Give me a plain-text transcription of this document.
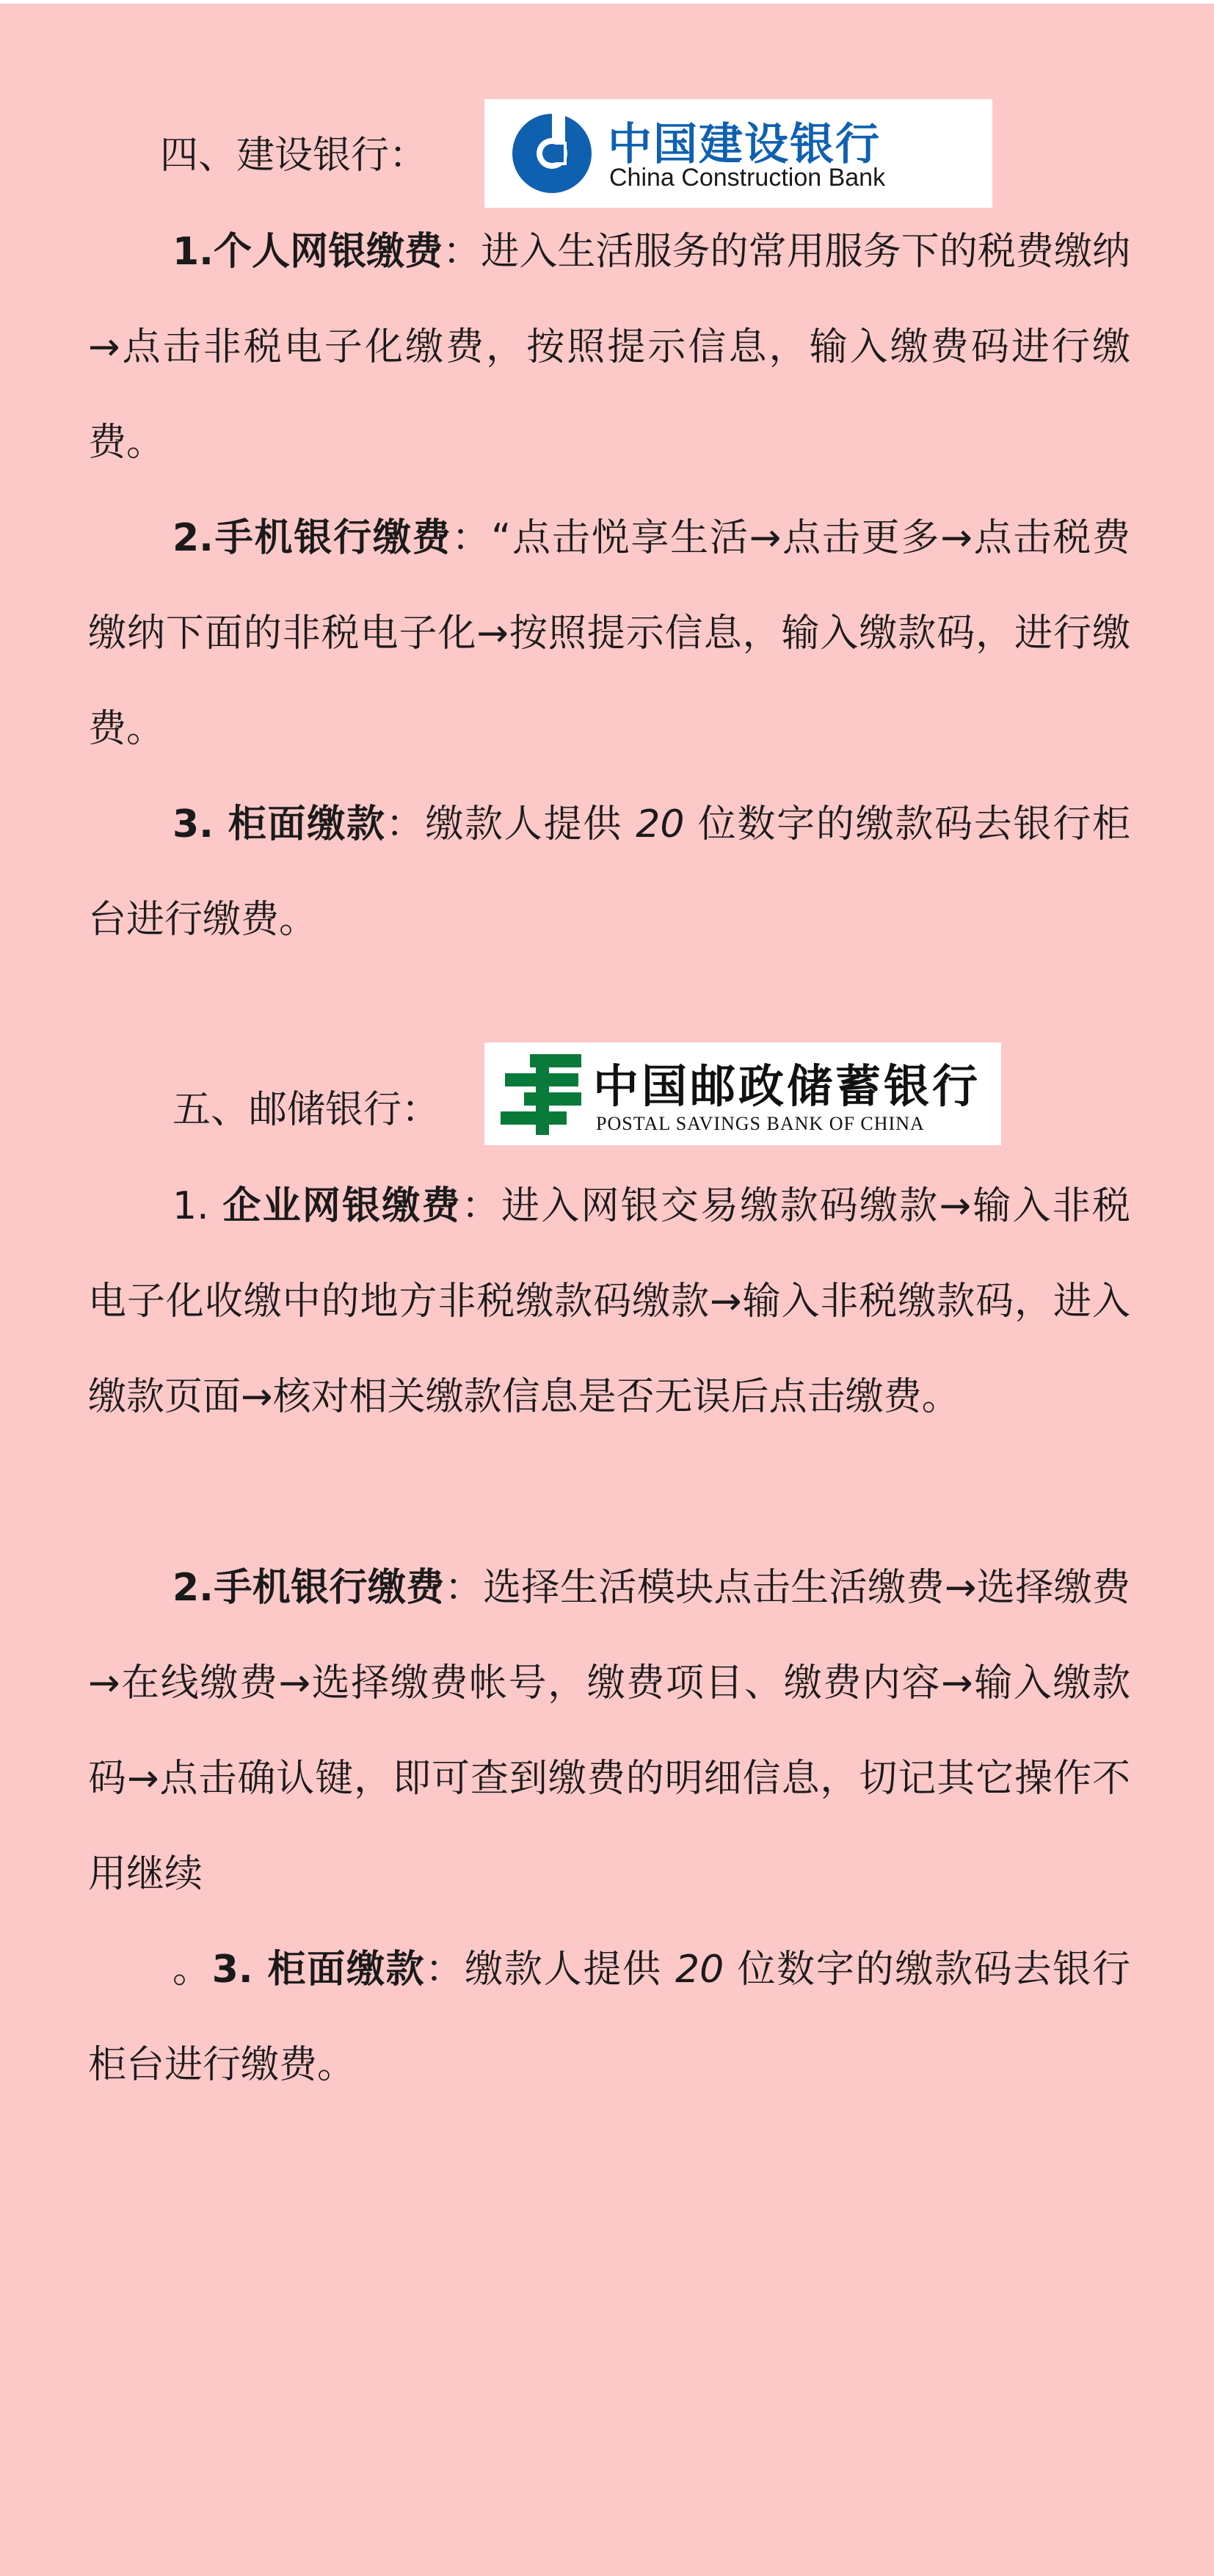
四、建设银行：	中国建设银行
China Construction Bank

1.个人网银缴费：进入生活服务的常用服务下的税费缴纳→点击非税电子化缴费，按照提示信息，输入缴费码进行缴费。

2.手机银行缴费：“点击悦享生活→点击更多→点击税费缴纳下面的非税电子化→按照提示信息，输入缴款码，进行缴费。

3. 柜面缴款：缴款人提供 20 位数字的缴款码去银行柜台进行缴费。

五、邮储银行：	中国邮政储蓄银行
POSTAL SAVINGS BANK OF CHINA

1. 企业网银缴费：进入网银交易缴款码缴款→输入非税电子化收缴中的地方非税缴款码缴款→输入非税缴款码，进入缴款页面→核对相关缴款信息是否无误后点击缴费。

2.手机银行缴费：选择生活模块点击生活缴费→选择缴费→在线缴费→选择缴费帐号，缴费项目、缴费内容→输入缴款码→点击确认键，即可查到缴费的明细信息，切记其它操作不用继续

。3. 柜面缴款：缴款人提供 20 位数字的缴款码去银行柜台进行缴费。
